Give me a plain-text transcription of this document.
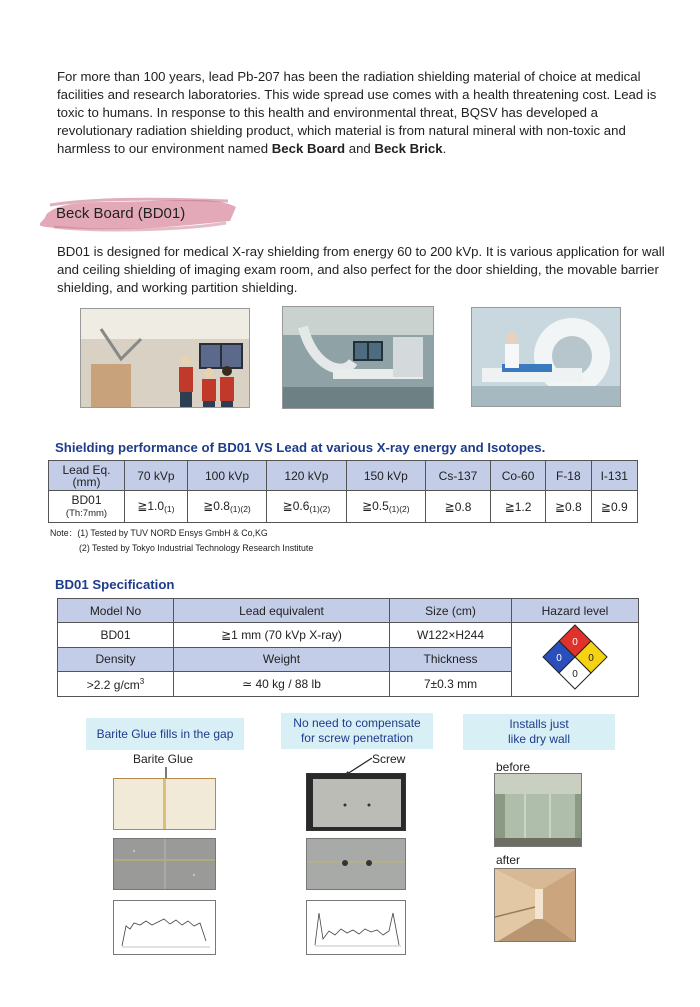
For more than 100 years, lead Pb-207 has been the radiation shielding material of choice at medical facilities and research laboratories. This wide spread use comes with a health threatening cost. Lead is toxic to humans. In response to this health and environmental threat, BQSV has developed a revolutionary radiation shielding product, which material is from natural mineral with non-toxic and harmless to our environment named Beck Board and Beck Brick.

Beck Board (BD01)

BD01 is designed for medical X-ray shielding from energy 60 to 200 kVp. It is various application for wall and ceiling shielding of imaging exam room, and also perfect for the door shielding, the movable barrier shielding, and working partition shielding.

Shielding performance of BD01 VS Lead at various X-ray energy and Isotopes.
Lead Eq.
(mm)	70 kVp	100 kVp	120 kVp	150 kVp	Cs-137	Co-60	F-18	I-131
BD01
(Th:7mm)	$≧1.0_{(1)}$	$≧0.8_{(1)(2)}$	$≧0.6_{(1)(2)}$	$≧0.5_{(1)(2)}$	≧0.8	≧1.2	≧0.8	≧0.9
Note：(1) Tested by TUV NORD Ensys GmbH & Co,KG
(2) Tested by Tokyo Industrial Technology Research Institute
BD01 Specification
Model No	Lead equivalent	Size (cm)	Hazard level
BD01	≧1 mm (70 kVp X-ray)	W122×H244	0
0 0
0

Density	Weight	Thickness	
>2.2 $g/cm^3$	≃ 40 kg / 88 lb	7±0.3 mm	
Barite Glue fills in the gap
No need to compensate
for screw penetration
Installs just
like dry wall
Barite Glue	Screw
before
after
